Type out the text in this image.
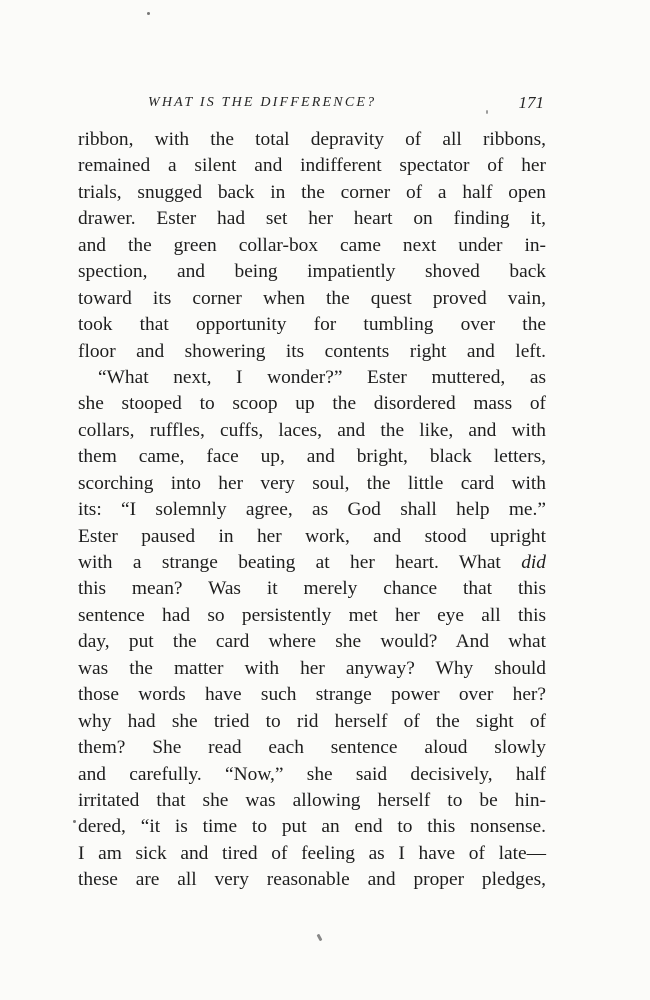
WHAT IS THE DIFFERENCE?	171
ribbon, with the total depravity of all ribbons,
remained a silent and indifferent spectator of her
trials, snugged back in the corner of a half open
drawer. Ester had set her heart on finding it,
and the green collar-box came next under in-
spection, and being impatiently shoved back
toward its corner when the quest proved vain,
took that opportunity for tumbling over the
floor and showering its contents right and left.
“What next, I wonder?” Ester muttered, as
she stooped to scoop up the disordered mass of
collars, ruffles, cuffs, laces, and the like, and with
them came, face up, and bright, black letters,
scorching into her very soul, the little card with
its: “I solemnly agree, as God shall help me.”
Ester paused in her work, and stood upright
with a strange beating at her heart. What did
this mean? Was it merely chance that this
sentence had so persistently met her eye all this
day, put the card where she would? And what
was the matter with her anyway? Why should
those words have such strange power over her?
why had she tried to rid herself of the sight of
them? She read each sentence aloud slowly
and carefully. “Now,” she said decisively, half
irritated that she was allowing herself to be hin-
dered, “it is time to put an end to this nonsense.
I am sick and tired of feeling as I have of late—
these are all very reasonable and proper pledges,
